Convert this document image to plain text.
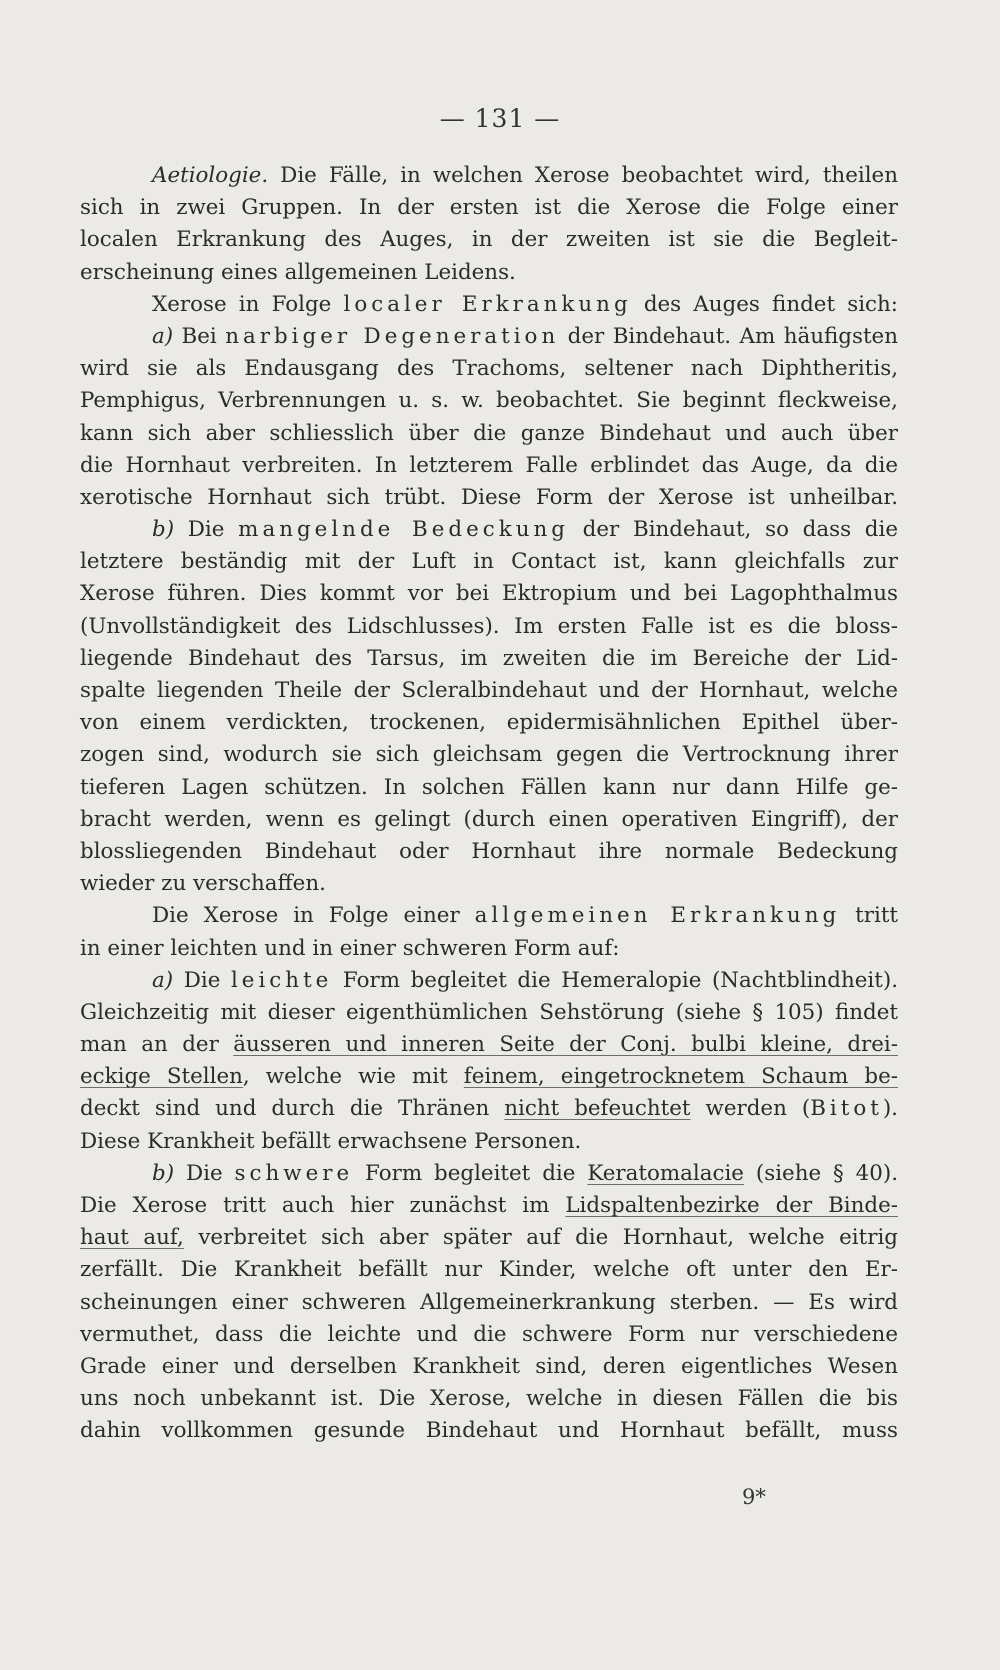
— 131 —
Aetiologie. Die Fälle, in welchen Xerose beobachtet wird, theilen
sich in zwei Gruppen. In der ersten ist die Xerose die Folge einer
localen Erkrankung des Auges, in der zweiten ist sie die Begleit-
erscheinung eines allgemeinen Leidens.
Xerose in Folge localer Erkrankung des Auges findet sich:
a) Bei narbiger Degeneration der Bindehaut. Am häufigsten
wird sie als Endausgang des Trachoms, seltener nach Diphtheritis,
Pemphigus, Verbrennungen u. s. w. beobachtet. Sie beginnt fleckweise,
kann sich aber schliesslich über die ganze Bindehaut und auch über
die Hornhaut verbreiten. In letzterem Falle erblindet das Auge, da die
xerotische Hornhaut sich trübt. Diese Form der Xerose ist unheilbar.
b) Die mangelnde Bedeckung der Bindehaut, so dass die
letztere beständig mit der Luft in Contact ist, kann gleichfalls zur
Xerose führen. Dies kommt vor bei Ektropium und bei Lagophthalmus
(Unvollständigkeit des Lidschlusses). Im ersten Falle ist es die bloss-
liegende Bindehaut des Tarsus, im zweiten die im Bereiche der Lid-
spalte liegenden Theile der Scleralbindehaut und der Hornhaut, welche
von einem verdickten, trockenen, epidermisähnlichen Epithel über-
zogen sind, wodurch sie sich gleichsam gegen die Vertrocknung ihrer
tieferen Lagen schützen. In solchen Fällen kann nur dann Hilfe ge-
bracht werden, wenn es gelingt (durch einen operativen Eingriff), der
blossliegenden Bindehaut oder Hornhaut ihre normale Bedeckung
wieder zu verschaffen.
Die Xerose in Folge einer allgemeinen Erkrankung tritt
in einer leichten und in einer schweren Form auf:
a) Die leichte Form begleitet die Hemeralopie (Nachtblindheit).
Gleichzeitig mit dieser eigenthümlichen Sehstörung (siehe § 105) findet
man an der äusseren und inneren Seite der Conj. bulbi kleine, drei-
eckige Stellen, welche wie mit feinem, eingetrocknetem Schaum be-
deckt sind und durch die Thränen nicht befeuchtet werden (Bitot).
Diese Krankheit befällt erwachsene Personen.
b) Die schwere Form begleitet die Keratomalacie (siehe § 40).
Die Xerose tritt auch hier zunächst im Lidspaltenbezirke der Binde-
haut auf, verbreitet sich aber später auf die Hornhaut, welche eitrig
zerfällt. Die Krankheit befällt nur Kinder, welche oft unter den Er-
scheinungen einer schweren Allgemeinerkrankung sterben. — Es wird
vermuthet, dass die leichte und die schwere Form nur verschiedene
Grade einer und derselben Krankheit sind, deren eigentliches Wesen
uns noch unbekannt ist. Die Xerose, welche in diesen Fällen die bis
dahin vollkommen gesunde Bindehaut und Hornhaut befällt, muss
9*
